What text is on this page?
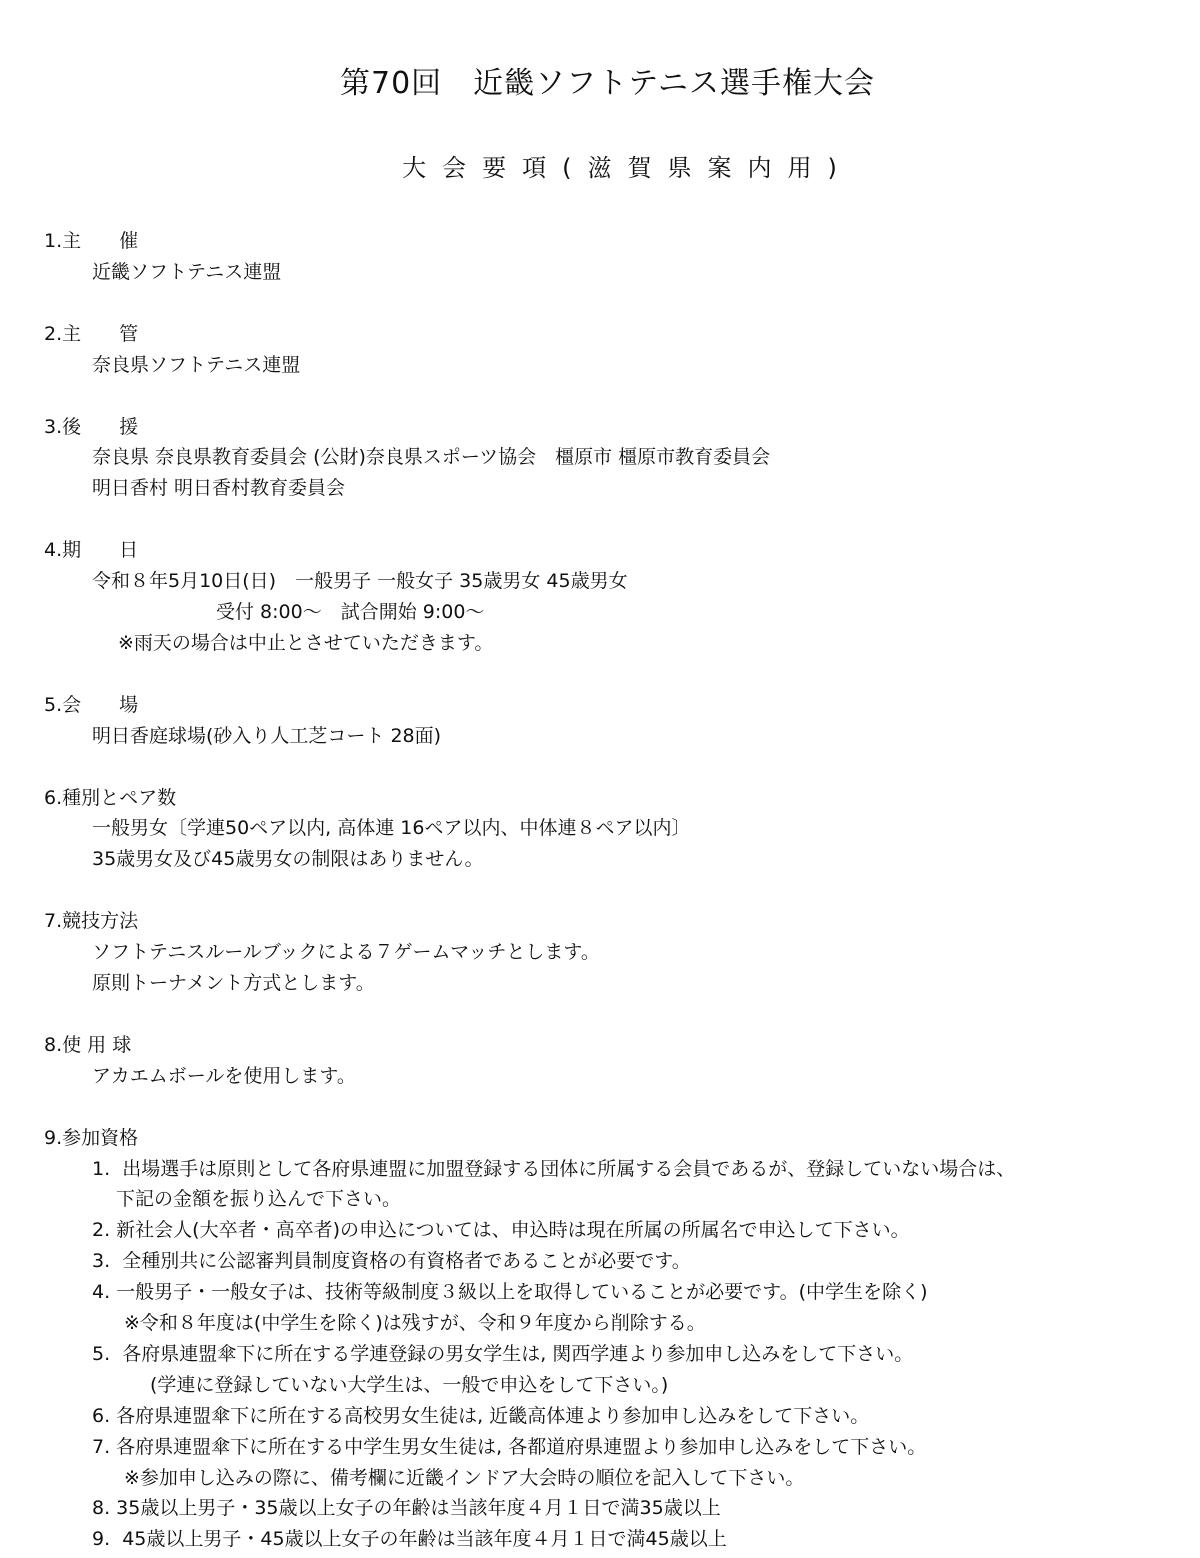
第70回　近畿ソフトテニス選手権大会
大会要項(滋賀県案内用)
1.主　　催
近畿ソフトテニス連盟
2.主　　管
奈良県ソフトテニス連盟
3.後　　援
奈良県 奈良県教育委員会 (公財)奈良県スポーツ協会　橿原市 橿原市教育委員会
明日香村 明日香村教育委員会
4.期　　日
令和８年5月10日(日)　一般男子 一般女子 35歳男女 45歳男女
受付 8:00～　試合開始 9:00～
※雨天の場合は中止とさせていただきます。
5.会　　場
明日香庭球場(砂入り人工芝コート 28面)
6.種別とペア数
一般男女〔学連50ペア以内, 高体連 16ペア以内、中体連８ペア以内〕
35歳男女及び45歳男女の制限はありません。
7.競技方法
ソフトテニスルールブックによる７ゲームマッチとします。
原則トーナメント方式とします。
8.使 用 球
アカエムボールを使用します。
9.参加資格
1.  出場選手は原則として各府県連盟に加盟登録する団体に所属する会員であるが、登録していない場合は、
下記の金額を振り込んで下さい。
2. 新社会人(大卒者・高卒者)の申込については、申込時は現在所属の所属名で申込して下さい。
3.  全種別共に公認審判員制度資格の有資格者であることが必要です。
4. 一般男子・一般女子は、技術等級制度３級以上を取得していることが必要です。(中学生を除く)
※令和８年度は(中学生を除く)は残すが、令和９年度から削除する。
5.  各府県連盟傘下に所在する学連登録の男女学生は, 関西学連より参加申し込みをして下さい。
(学連に登録していない大学生は、一般で申込をして下さい。)
6. 各府県連盟傘下に所在する高校男女生徒は, 近畿高体連より参加申し込みをして下さい。
7. 各府県連盟傘下に所在する中学生男女生徒は, 各都道府県連盟より参加申し込みをして下さい。
※参加申し込みの際に、備考欄に近畿インドア大会時の順位を記入して下さい。
8. 35歳以上男子・35歳以上女子の年齢は当該年度４月１日で満35歳以上
9.  45歳以上男子・45歳以上女子の年齢は当該年度４月１日で満45歳以上
